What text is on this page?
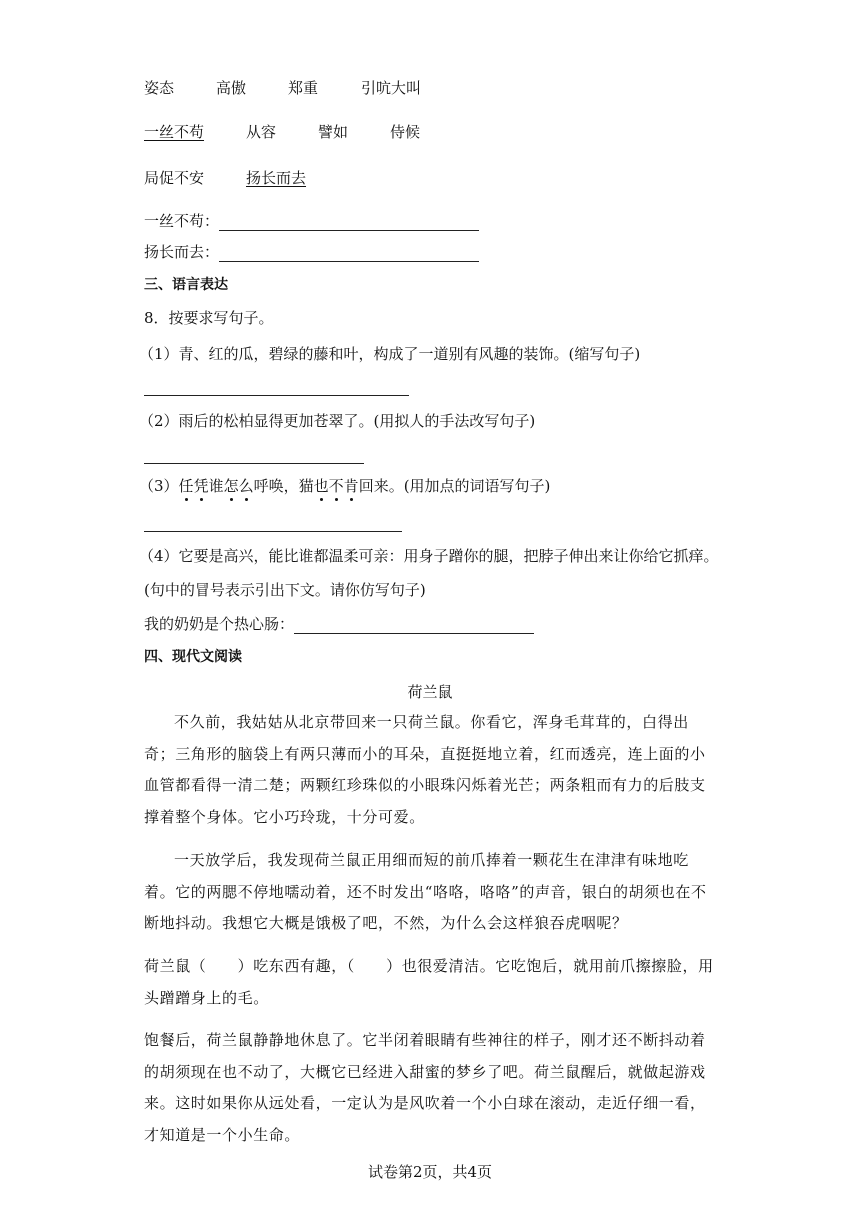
姿态	高傲	郑重	引吭大叫
一丝不苟	从容	譬如	侍候
局促不安	扬长而去
一丝不苟：
扬长而去：
三、语言表达
8．按要求写句子。
（1）青、红的瓜，碧绿的藤和叶，构成了一道别有风趣的装饰。(缩写句子)
（2）雨后的松柏显得更加苍翠了。(用拟人的手法改写句子)
（3）任凭谁怎么呼唤，猫也不肯回来。(用加点的词语写句子)
（4）它要是高兴，能比谁都温柔可亲：用身子蹭你的腿，把脖子伸出来让你给它抓痒。
(句中的冒号表示引出下文。请你仿写句子)
我的奶奶是个热心肠：
四、现代文阅读
荷兰鼠
不久前，我姑姑从北京带回来一只荷兰鼠。你看它，浑身毛茸茸的，白得出奇；三角形的脑袋上有两只薄而小的耳朵，直挺挺地立着，红而透亮，连上面的小血管都看得一清二楚；两颗红珍珠似的小眼珠闪烁着光芒；两条粗而有力的后肢支撑着整个身体。它小巧玲珑，十分可爱。
一天放学后，我发现荷兰鼠正用细而短的前爪捧着一颗花生在津津有味地吃着。它的两腮不停地嚅动着，还不时发出“咯咯，咯咯”的声音，银白的胡须也在不断地抖动。我想它大概是饿极了吧，不然，为什么会这样狼吞虎咽呢？
荷兰鼠（　　）吃东西有趣，（　　）也很爱清洁。它吃饱后，就用前爪擦擦脸，用头蹭蹭身上的毛。
饱餐后，荷兰鼠静静地休息了。它半闭着眼睛有些神往的样子，刚才还不断抖动着的胡须现在也不动了，大概它已经进入甜蜜的梦乡了吧。荷兰鼠醒后，就做起游戏来。这时如果你从远处看，一定认为是风吹着一个小白球在滚动，走近仔细一看，才知道是一个小生命。
试卷第2页，共4页
